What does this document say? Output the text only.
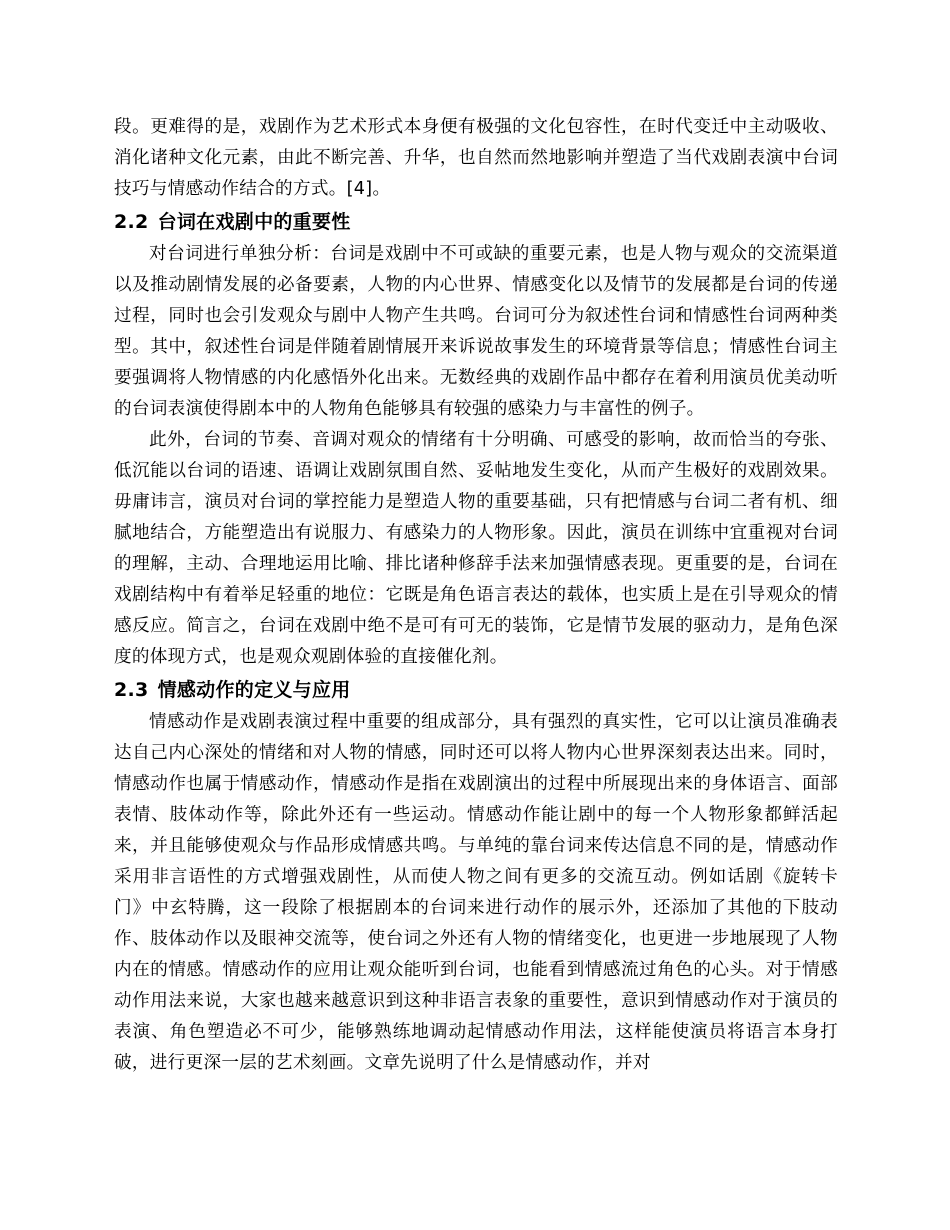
段。更难得的是，戏剧作为艺术形式本身便有极强的文化包容性，在时代变迁中主动吸收、消化诸种文化元素，由此不断完善、升华，也自然而然地影响并塑造了当代戏剧表演中台词技巧与情感动作结合的方式。[4]。

2.2 台词在戏剧中的重要性

对台词进行单独分析：台词是戏剧中不可或缺的重要元素，也是人物与观众的交流渠道以及推动剧情发展的必备要素，人物的内心世界、情感变化以及情节的发展都是台词的传递过程，同时也会引发观众与剧中人物产生共鸣。台词可分为叙述性台词和情感性台词两种类型。其中，叙述性台词是伴随着剧情展开来诉说故事发生的环境背景等信息；情感性台词主要强调将人物情感的内化感悟外化出来。无数经典的戏剧作品中都存在着利用演员优美动听的台词表演使得剧本中的人物角色能够具有较强的感染力与丰富性的例子。

此外，台词的节奏、音调对观众的情绪有十分明确、可感受的影响，故而恰当的夸张、低沉能以台词的语速、语调让戏剧氛围自然、妥帖地发生变化，从而产生极好的戏剧效果。毋庸讳言，演员对台词的掌控能力是塑造人物的重要基础，只有把情感与台词二者有机、细腻地结合，方能塑造出有说服力、有感染力的人物形象。因此，演员在训练中宜重视对台词的理解，主动、合理地运用比喻、排比诸种修辞手法来加强情感表现。更重要的是，台词在戏剧结构中有着举足轻重的地位：它既是角色语言表达的载体，也实质上是在引导观众的情感反应。简言之，台词在戏剧中绝不是可有可无的装饰，它是情节发展的驱动力，是角色深度的体现方式，也是观众观剧体验的直接催化剂。

2.3 情感动作的定义与应用

情感动作是戏剧表演过程中重要的组成部分，具有强烈的真实性，它可以让演员准确表达自己内心深处的情绪和对人物的情感，同时还可以将人物内心世界深刻表达出来。同时，情感动作也属于情感动作，情感动作是指在戏剧演出的过程中所展现出来的身体语言、面部表情、肢体动作等，除此外还有一些运动。情感动作能让剧中的每一个人物形象都鲜活起来，并且能够使观众与作品形成情感共鸣。与单纯的靠台词来传达信息不同的是，情感动作采用非言语性的方式增强戏剧性，从而使人物之间有更多的交流互动。例如话剧《旋转卡门》中玄特腾，这一段除了根据剧本的台词来进行动作的展示外，还添加了其他的下肢动作、肢体动作以及眼神交流等，使台词之外还有人物的情绪变化，也更进一步地展现了人物内在的情感。情感动作的应用让观众能听到台词，也能看到情感流过角色的心头。对于情感动作用法来说，大家也越来越意识到这种非语言表象的重要性，意识到情感动作对于演员的表演、角色塑造必不可少，能够熟练地调动起情感动作用法，这样能使演员将语言本身打破，进行更深一层的艺术刻画。文章先说明了什么是情感动作，并对
